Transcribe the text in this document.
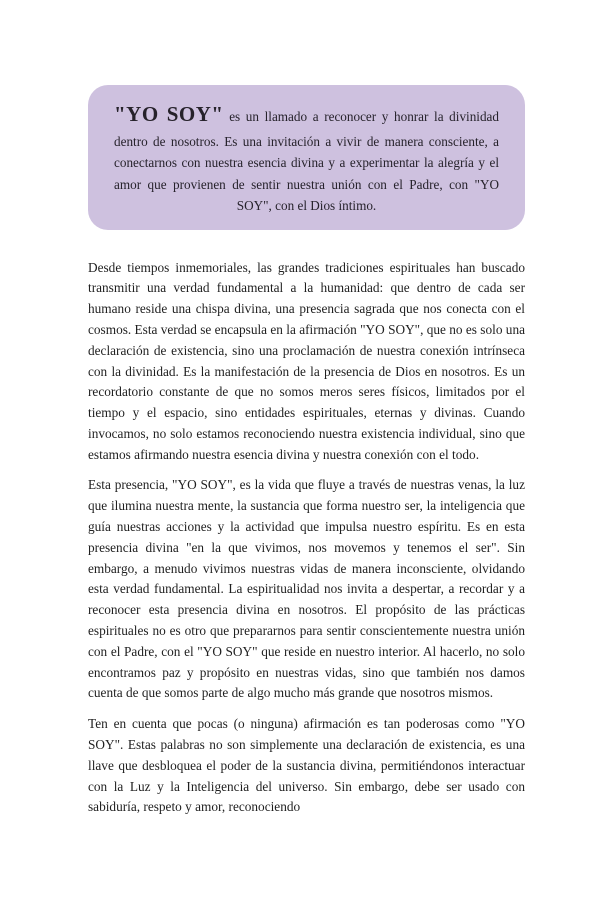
"YO SOY" es un llamado a reconocer y honrar la divinidad dentro de nosotros. Es una invitación a vivir de manera consciente, a conectarnos con nuestra esencia divina y a experimentar la alegría y el amor que provienen de sentir nuestra unión con el Padre, con "YO SOY", con el Dios íntimo.

Desde tiempos inmemoriales, las grandes tradiciones espirituales han buscado transmitir una verdad fundamental a la humanidad: que dentro de cada ser humano reside una chispa divina, una presencia sagrada que nos conecta con el cosmos. Esta verdad se encapsula en la afirmación "YO SOY", que no es solo una declaración de existencia, sino una proclamación de nuestra conexión intrínseca con la divinidad. Es la manifestación de la presencia de Dios en nosotros. Es un recordatorio constante de que no somos meros seres físicos, limitados por el tiempo y el espacio, sino entidades espirituales, eternas y divinas. Cuando invocamos, no solo estamos reconociendo nuestra existencia individual, sino que estamos afirmando nuestra esencia divina y nuestra conexión con el todo.

Esta presencia, "YO SOY", es la vida que fluye a través de nuestras venas, la luz que ilumina nuestra mente, la sustancia que forma nuestro ser, la inteligencia que guía nuestras acciones y la actividad que impulsa nuestro espíritu. Es en esta presencia divina "en la que vivimos, nos movemos y tenemos el ser". Sin embargo, a menudo vivimos nuestras vidas de manera inconsciente, olvidando esta verdad fundamental. La espiritualidad nos invita a despertar, a recordar y a reconocer esta presencia divina en nosotros. El propósito de las prácticas espirituales no es otro que prepararnos para sentir conscientemente nuestra unión con el Padre, con el "YO SOY" que reside en nuestro interior. Al hacerlo, no solo encontramos paz y propósito en nuestras vidas, sino que también nos damos cuenta de que somos parte de algo mucho más grande que nosotros mismos.

Ten en cuenta que pocas (o ninguna) afirmación es tan poderosas como "YO SOY". Estas palabras no son simplemente una declaración de existencia, es una llave que desbloquea el poder de la sustancia divina, permitiéndonos interactuar con la Luz y la Inteligencia del universo. Sin embargo, debe ser usado con sabiduría, respeto y amor, reconociendo
